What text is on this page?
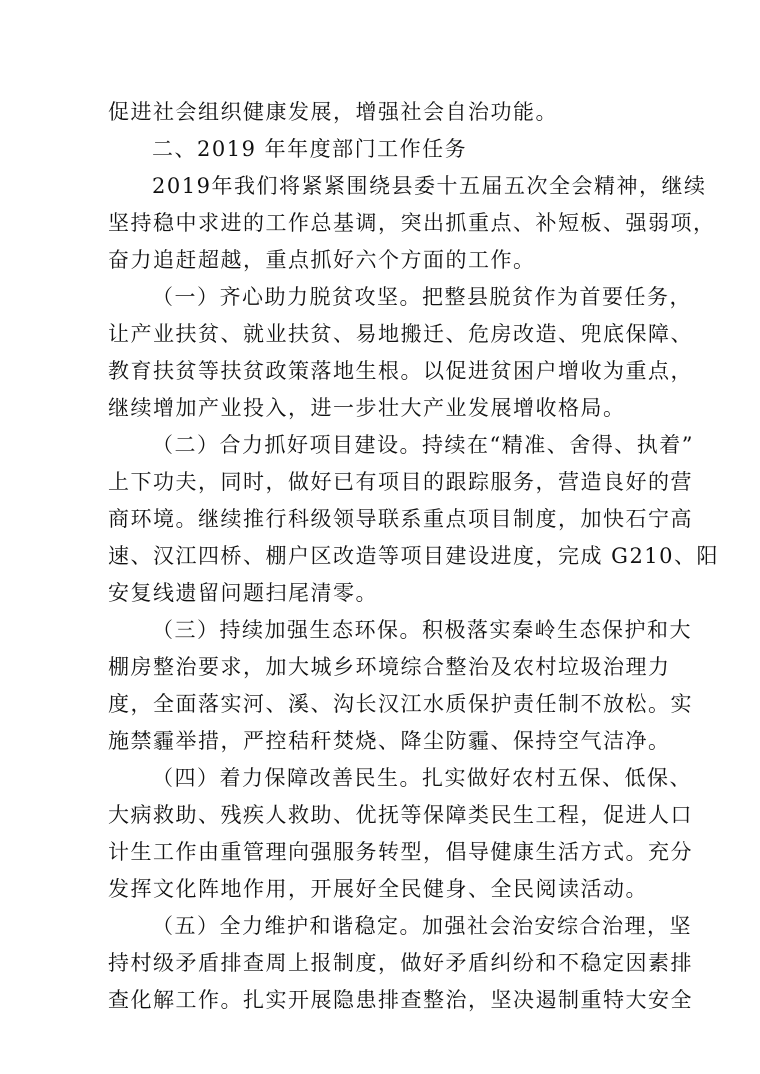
促进社会组织健康发展，增强社会自治功能。
二、2019 年年度部门工作任务
2019年我们将紧紧围绕县委十五届五次全会精神，继续
坚持稳中求进的工作总基调，突出抓重点、补短板、强弱项，
奋力追赶超越，重点抓好六个方面的工作。
（一）齐心助力脱贫攻坚。把整县脱贫作为首要任务，
让产业扶贫、就业扶贫、易地搬迁、危房改造、兜底保障、
教育扶贫等扶贫政策落地生根。以促进贫困户增收为重点，
继续增加产业投入，进一步壮大产业发展增收格局。
（二）合力抓好项目建设。持续在“精准、舍得、执着”
上下功夫，同时，做好已有项目的跟踪服务，营造良好的营
商环境。继续推行科级领导联系重点项目制度，加快石宁高
速、汉江四桥、棚户区改造等项目建设进度，完成 G210、阳
安复线遗留问题扫尾清零。
（三）持续加强生态环保。积极落实秦岭生态保护和大
棚房整治要求，加大城乡环境综合整治及农村垃圾治理力
度，全面落实河、溪、沟长汉江水质保护责任制不放松。实
施禁霾举措，严控秸秆焚烧、降尘防霾、保持空气洁净。
（四）着力保障改善民生。扎实做好农村五保、低保、
大病救助、残疾人救助、优抚等保障类民生工程，促进人口
计生工作由重管理向强服务转型，倡导健康生活方式。充分
发挥文化阵地作用，开展好全民健身、全民阅读活动。
（五）全力维护和谐稳定。加强社会治安综合治理，坚
持村级矛盾排查周上报制度，做好矛盾纠纷和不稳定因素排
查化解工作。扎实开展隐患排查整治，坚决遏制重特大安全
